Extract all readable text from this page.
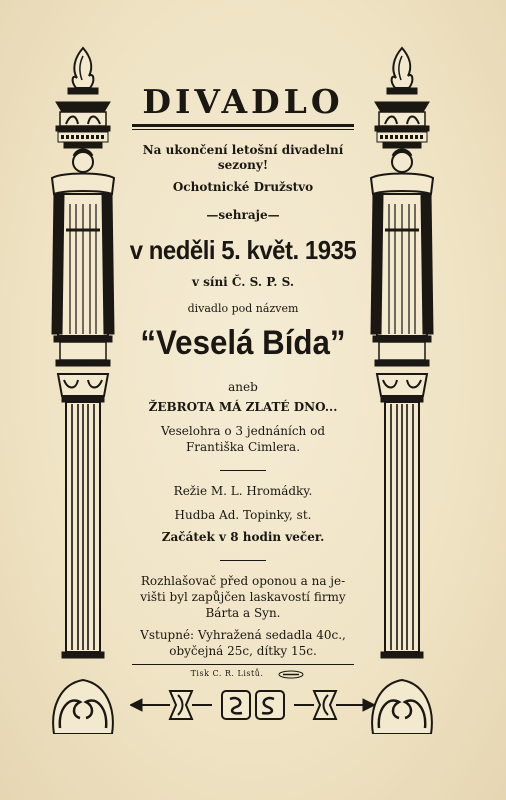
DIVADLO
Na ukončení letošní divadelní sezony!
Ochotnické Družstvo
—sehraje—
v neděli 5. květ. 1935
v síni Č. S. P. S.
divadlo pod názvem
“Veselá Bída”
aneb
ŽEBROTA MÁ ZLATÉ DNO...
Veselohra o 3 jednáních od
Františka Cimlera.
Režie M. L. Hromádky.
Hudba Ad. Topinky, st.
Začátek v 8 hodin večer.
Rozhlašovač před oponou a na je-
višti byl zapůjčen laskavostí firmy
Bárta a Syn.
Vstupné: Vyhražená sedadla 40c.,
obyčejná 25c, dítky 15c.
Tisk C. R. Listů.
